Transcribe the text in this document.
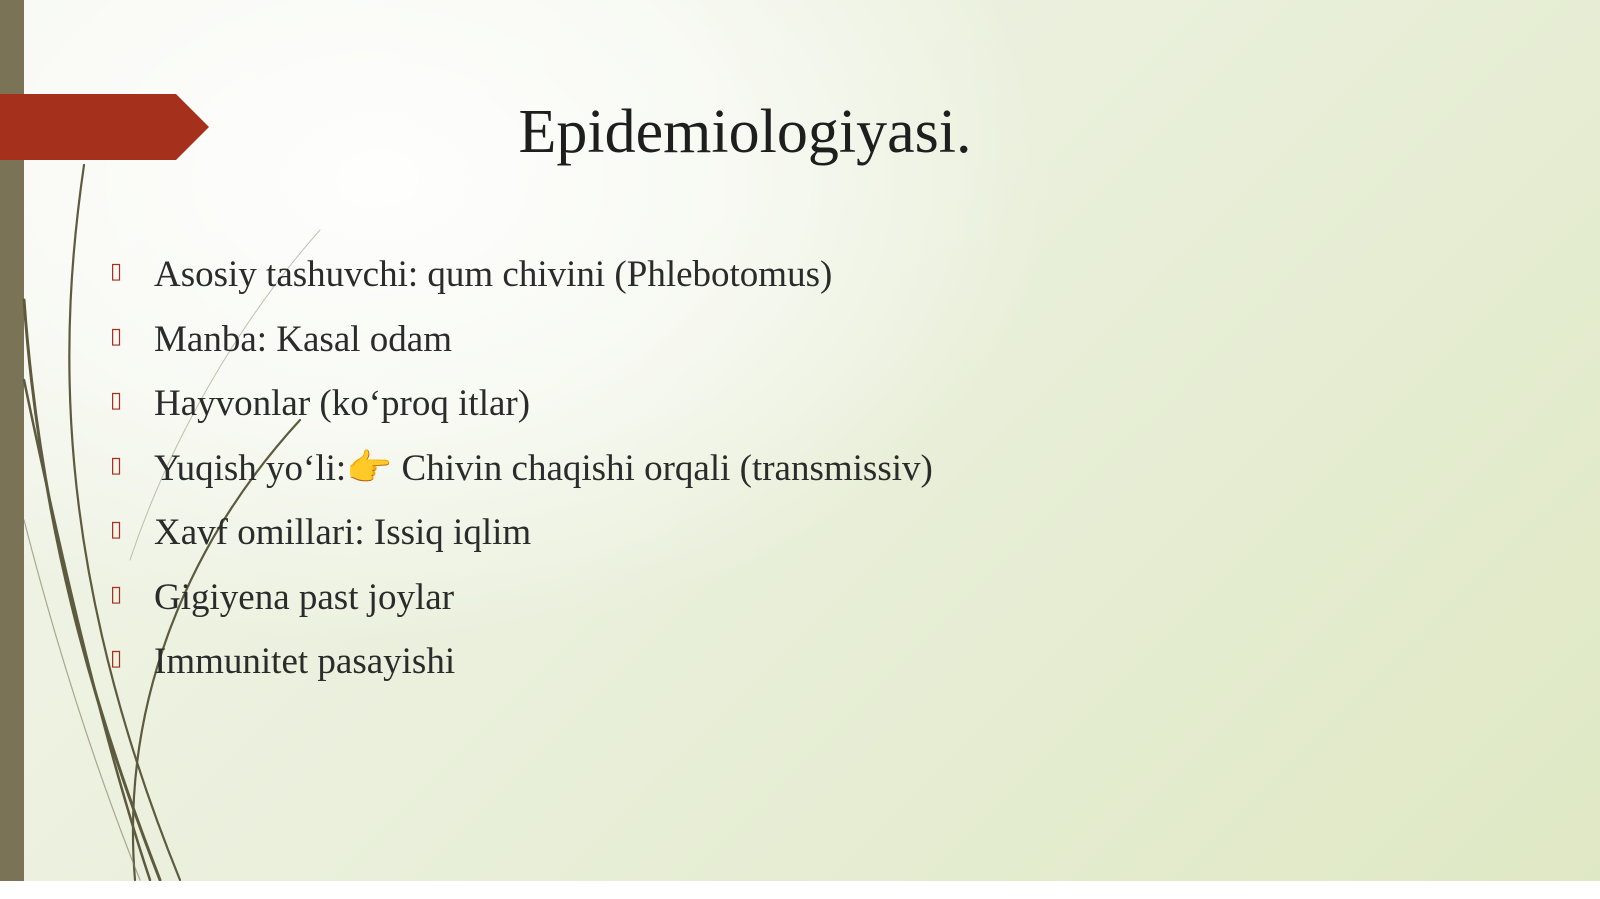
Epidemiologiyasi.
▯ Asosiy tashuvchi: qum chivini (Phlebotomus)
▯ Manba: Kasal odam
▯ Hayvonlar (ko‘proq itlar)
▯ Yuqish yo‘li:👉 Chivin chaqishi orqali (transmissiv)
▯ Xavf omillari: Issiq iqlim
▯ Gigiyena past joylar
▯ Immunitet pasayishi
